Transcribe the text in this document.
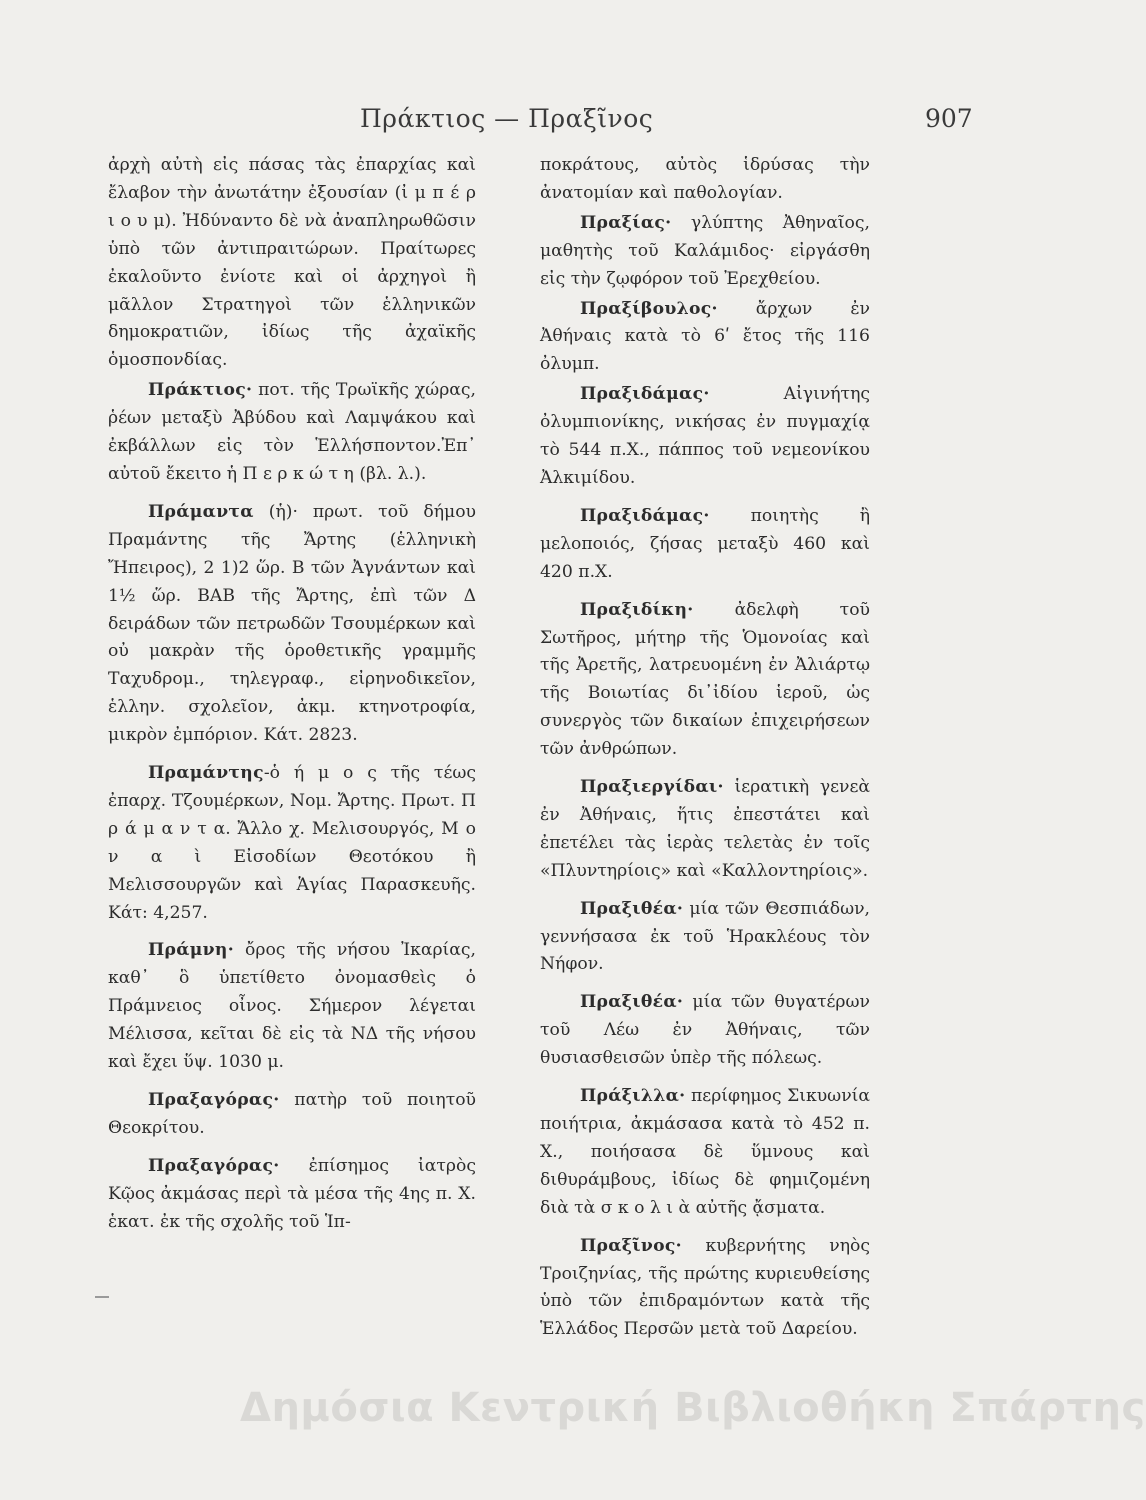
Πράκτιος — Πραξῖνος	907

ἀρχὴ αὐτὴ εἰς πάσας τὰς ἐπαρχίας καὶ ἔλαβον τὴν ἀνωτάτην ἐξουσίαν (ἰ μ π έ ρ ι ο υ μ). Ἠδύναντο δὲ νὰ ἀναπληρωθῶσιν ὑπὸ τῶν ἀντιπραιτώρων. Πραίτωρες ἐκαλοῦντο ἐνίοτε καὶ οἱ ἀρχηγοὶ ἢ μᾶλλον Στρατηγοὶ τῶν ἑλληνικῶν δημοκρατιῶν, ἰδίως τῆς ἀχαϊκῆς ὁμοσπονδίας.

Πράκτιος· ποτ. τῆς Τρωϊκῆς χώρας, ῥέων μεταξὺ Ἀβύδου καὶ Λαμψάκου καὶ ἐκβάλλων εἰς τὸν Ἑλλήσποντον.Ἐπ᾽ αὐτοῦ ἔκειτο ἡ Π ε ρ κ ώ τ η (βλ. λ.).

Πράμαντα (ἡ)· πρωτ. τοῦ δήμου Πραμάντης τῆς Ἄρτης (ἑλληνικὴ Ἤπειρος), 2 1)2 ὥρ. Β τῶν Ἀγνάντων καὶ 1½ ὥρ. ΒΑΒ τῆς Ἄρτης, ἐπὶ τῶν Δ δειράδων τῶν πετρωδῶν Τσουμέρκων καὶ οὐ μακρὰν τῆς ὁροθετικῆς γραμμῆς Ταχυδρομ., τηλεγραφ., εἰρηνοδικεῖον, ἑλλην. σχολεῖον, ἀκμ. κτηνοτροφία, μικρὸν ἐμπόριον. Κάτ. 2823.

Πραμάντης-ὁ ή μ ο ς τῆς τέως ἐπαρχ. Τζουμέρκων, Νομ. Ἄρτης. Πρωτ. Π ρ ά μ α ν τ α. Ἄλλο χ. Μελισουργός, Μ ο ν α ὶ Εἰσοδίων Θεοτόκου ἢ Μελισσουργῶν καὶ Ἁγίας Παρασκευῆς. Κάτ: 4,257.

Πράμνη· ὄρος τῆς νήσου Ἰκαρίας, καθ᾽ ὃ ὑπετίθετο ὀνομασθεὶς ὁ Πράμνειος οἶνος. Σήμερον λέγεται Μέλισσα, κεῖται δὲ εἰς τὰ ΝΔ τῆς νήσου καὶ ἔχει ὕψ. 1030 μ.

Πραξαγόρας· πατὴρ τοῦ ποιητοῦ Θεοκρίτου.

Πραξαγόρας· ἐπίσημος ἰατρὸς Κῷος ἀκμάσας περὶ τὰ μέσα τῆς 4ης π. Χ. ἑκατ. ἐκ τῆς σχολῆς τοῦ Ἱπ-

ποκράτους, αὐτὸς ἱδρύσας τὴν ἀνατομίαν καὶ παθολογίαν.

Πραξίας· γλύπτης Ἀθηναῖος, μαθητὴς τοῦ Καλάμιδος· εἰργάσθη εἰς τὴν ζῳφόρον τοῦ Ἐρεχθείου.

Πραξίβουλος· ἄρχων ἐν Ἀθήναις κατὰ τὸ 6ʹ ἔτος τῆς 116 ὀλυμπ.

Πραξιδάμας· Αἰγινήτης ὀλυμπιονίκης, νικήσας ἐν πυγμαχίᾳ τὸ 544 π.Χ., πάππος τοῦ νεμεονίκου Ἀλκιμίδου.

Πραξιδάμας· ποιητὴς ἢ μελοποιός, ζήσας μεταξὺ 460 καὶ 420 π.Χ.

Πραξιδίκη· ἀδελφὴ τοῦ Σωτῆρος, μήτηρ τῆς Ὁμονοίας καὶ τῆς Ἀρετῆς, λατρευομένη ἐν Ἀλιάρτῳ τῆς Βοιωτίας δι᾽ἰδίου ἱεροῦ, ὡς συνεργὸς τῶν δικαίων ἐπιχειρήσεων τῶν ἀνθρώπων.

Πραξιεργίδαι· ἱερατικὴ γενεὰ ἐν Ἀθήναις, ἥτις ἐπεστάτει καὶ ἐπετέλει τὰς ἱερὰς τελετὰς ἐν τοῖς «Πλυντηρίοις» καὶ «Καλλοντηρίοις».

Πραξιθέα· μία τῶν Θεσπιάδων, γεννήσασα ἐκ τοῦ Ἡρακλέους τὸν Νήφον.

Πραξιθέα· μία τῶν θυγατέρων τοῦ Λέω ἐν Ἀθήναις, τῶν θυσιασθεισῶν ὑπὲρ τῆς πόλεως.

Πράξιλλα· περίφημος Σικυωνία ποιήτρια, ἀκμάσασα κατὰ τὸ 452 π. Χ., ποιήσασα δὲ ὕμνους καὶ διθυράμβους, ἰδίως δὲ φημιζομένη διὰ τὰ σ κ ο λ ι ὰ αὐτῆς ᾄσματα.

Πραξῖνος· κυβερνήτης νηὸς Τροιζηνίας, τῆς πρώτης κυριευθείσης ὑπὸ τῶν ἐπιδραμόντων κατὰ τῆς Ἑλλάδος Περσῶν μετὰ τοῦ Δαρείου.

Δημόσια Κεντρική Βιβλιοθήκη Σπάρτης
